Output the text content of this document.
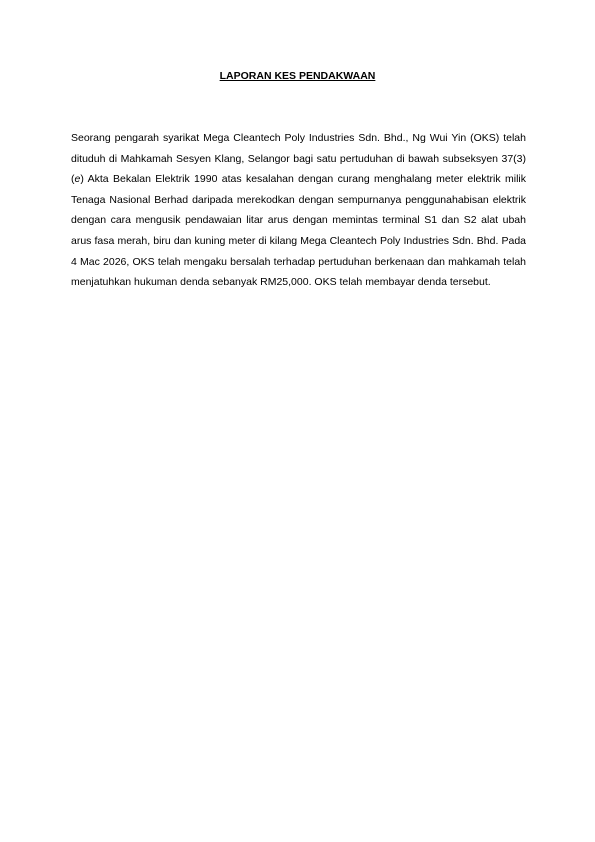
LAPORAN KES PENDAKWAAN

Seorang pengarah syarikat Mega Cleantech Poly Industries Sdn. Bhd., Ng Wui Yin (OKS) telah dituduh di Mahkamah Sesyen Klang, Selangor bagi satu pertuduhan di bawah subseksyen 37(3)(e) Akta Bekalan Elektrik 1990 atas kesalahan dengan curang menghalang meter elektrik milik Tenaga Nasional Berhad daripada merekodkan dengan sempurnanya penggunahabisan elektrik dengan cara mengusik pendawaian litar arus dengan memintas terminal S1 dan S2 alat ubah arus fasa merah, biru dan kuning meter di kilang Mega Cleantech Poly Industries Sdn. Bhd. Pada 4 Mac 2026, OKS telah mengaku bersalah terhadap pertuduhan berkenaan dan mahkamah telah menjatuhkan hukuman denda sebanyak RM25,000. OKS telah membayar denda tersebut.
